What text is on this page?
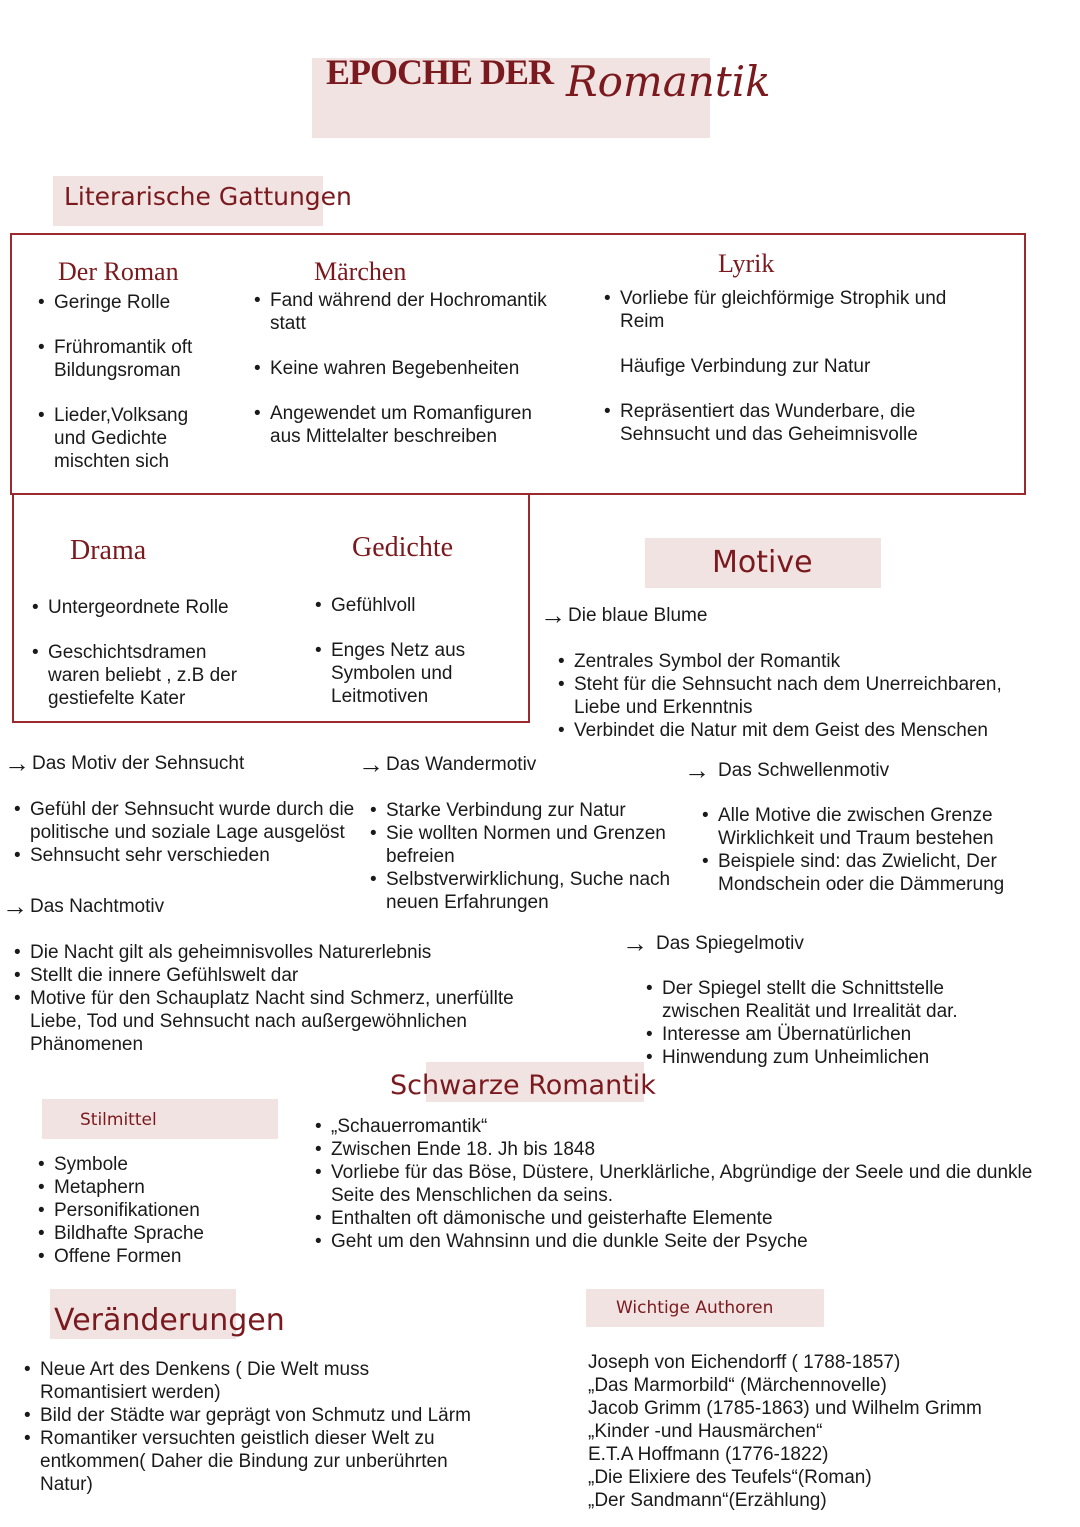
EPOCHE DER Romantik
Literarische Gattungen
Der Roman
• Geringe Rolle
• Frühromantik oft Bildungsroman
• Lieder,Volksang und Gedichte mischten sich
Märchen
• Fand während der Hochromantik statt
• Keine wahren Begebenheiten
• Angewendet um Romanfiguren aus Mittelalter beschreiben
Lyrik
• Vorliebe für gleichförmige Strophik und Reim
Häufige Verbindung zur Natur
• Repräsentiert das Wunderbare, die Sehnsucht und das Geheimnisvolle
Drama
• Untergeordnete Rolle
• Geschichtsdramen waren beliebt , z.B der gestiefelte Kater
Gedichte
• Gefühlvoll
• Enges Netz aus Symbolen und Leitmotiven
Motive
→ Die blaue Blume
• Zentrales Symbol der Romantik
• Steht für die Sehnsucht nach dem Unerreichbaren, Liebe und Erkenntnis
• Verbindet die Natur mit dem Geist des Menschen
→ Das Motiv der Sehnsucht
• Gefühl der Sehnsucht wurde durch die politische und soziale Lage ausgelöst
• Sehnsucht sehr verschieden
→ Das Wandermotiv
• Starke Verbindung zur Natur
• Sie wollten Normen und Grenzen befreien
• Selbstverwirklichung, Suche nach neuen Erfahrungen
→ Das Schwellenmotiv
• Alle Motive die zwischen Grenze Wirklichkeit und Traum bestehen
• Beispiele sind: das Zwielicht, Der Mondschein oder die Dämmerung
→ Das Nachtmotiv
• Die Nacht gilt als geheimnisvolles Naturerlebnis
• Stellt die innere Gefühlswelt dar
• Motive für den Schauplatz Nacht sind Schmerz, unerfüllte Liebe, Tod und Sehnsucht nach außergewöhnlichen Phänomenen
→ Das Spiegelmotiv
• Der Spiegel stellt die Schnittstelle zwischen Realität und Irrealität dar.
• Interesse am Übernatürlichen
• Hinwendung zum Unheimlichen
Schwarze Romantik
• „Schauerromantik“
• Zwischen Ende 18. Jh bis 1848
• Vorliebe für das Böse, Düstere, Unerklärliche, Abgründige der Seele und die dunkle Seite des Menschlichen da seins.
• Enthalten oft dämonische und geisterhafte Elemente
• Geht um den Wahnsinn und die dunkle Seite der Psyche
Stilmittel
• Symbole
• Metaphern
• Personifikationen
• Bildhafte Sprache
• Offene Formen
Veränderungen
• Neue Art des Denkens ( Die Welt muss Romantisiert werden)
• Bild der Städte war geprägt von Schmutz und Lärm
• Romantiker versuchten geistlich dieser Welt zu entkommen( Daher die Bindung zur unberührten Natur)
Wichtige Authoren

Joseph von Eichendorff ( 1788-1857)

„Das Marmorbild“ (Märchennovelle)

Jacob Grimm (1785-1863) und Wilhelm Grimm

„Kinder -und Hausmärchen“

E.T.A Hoffmann (1776-1822)

„Die Elixiere des Teufels“(Roman)

„Der Sandmann“(Erzählung)
